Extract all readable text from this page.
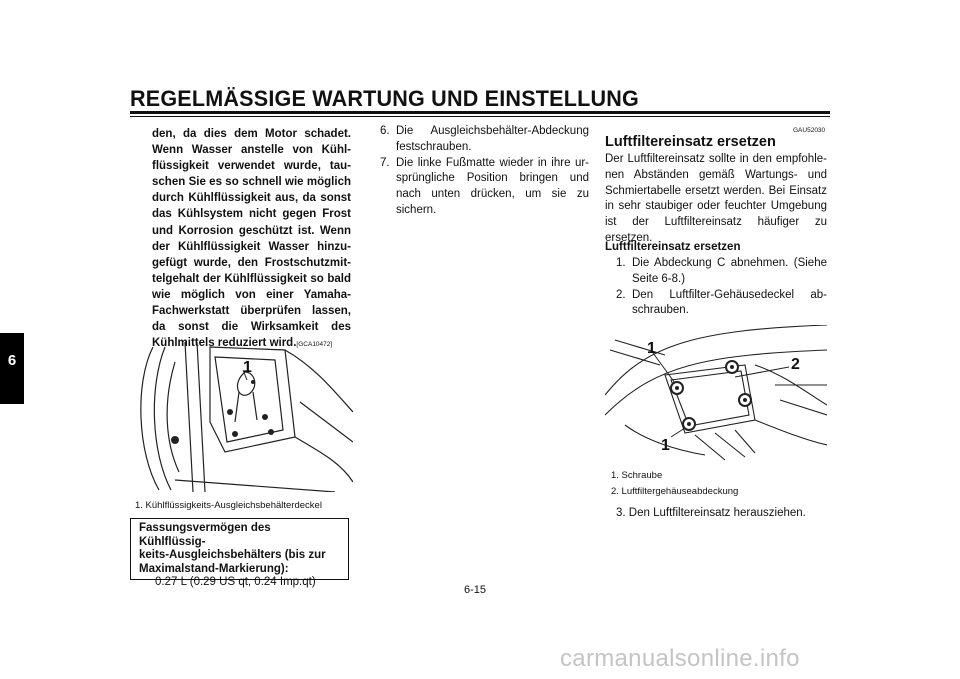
REGELMÄSSIGE WARTUNG UND EINSTELLUNG
6
den, da dies dem Motor schadet. Wenn Wasser anstelle von Kühl-flüssigkeit verwendet wurde, tau-schen Sie es so schnell wie möglich durch Kühlflüssigkeit aus, da sonst das Kühlsystem nicht gegen Frost und Korrosion geschützt ist. Wenn der Kühlflüssigkeit Wasser hinzu-gefügt wurde, den Frostschutzmit-telgehalt der Kühlflüssigkeit so bald wie möglich von einer Yamaha-Fachwerkstatt überprüfen lassen, da sonst die Wirksamkeit des Kühlmittels reduziert wird.[GCA10472]
1
1. Kühlflüssigkeits-Ausgleichsbehälterdeckel
Fassungsvermögen des Kühlflüssig-
keits-Ausgleichsbehälters (bis zur
Maximalstand-Markierung):
0.27 L (0.29 US qt, 0.24 Imp.qt)
6. Die Ausgleichsbehälter-Abdeckung festschrauben.
7. Die linke Fußmatte wieder in ihre ur-sprüngliche Position bringen und nach unten drücken, um sie zu sichern.
GAU52030
Luftfiltereinsatz ersetzen
Der Luftfiltereinsatz sollte in den empfohle-nen Abständen gemäß Wartungs- und Schmiertabelle ersetzt werden. Bei Einsatz in sehr staubiger oder feuchter Umgebung ist der Luftfiltereinsatz häufiger zu ersetzen.
Luftfiltereinsatz ersetzen
1. Die Abdeckung C abnehmen. (Siehe Seite 6-8.)
2. Den Luftfilter-Gehäusedeckel ab-schrauben.
1
2
1
1. Schraube
2. Luftfiltergehäuseabdeckung
3. Den Luftfiltereinsatz herausziehen.
6-15
carmanualsonline.info
